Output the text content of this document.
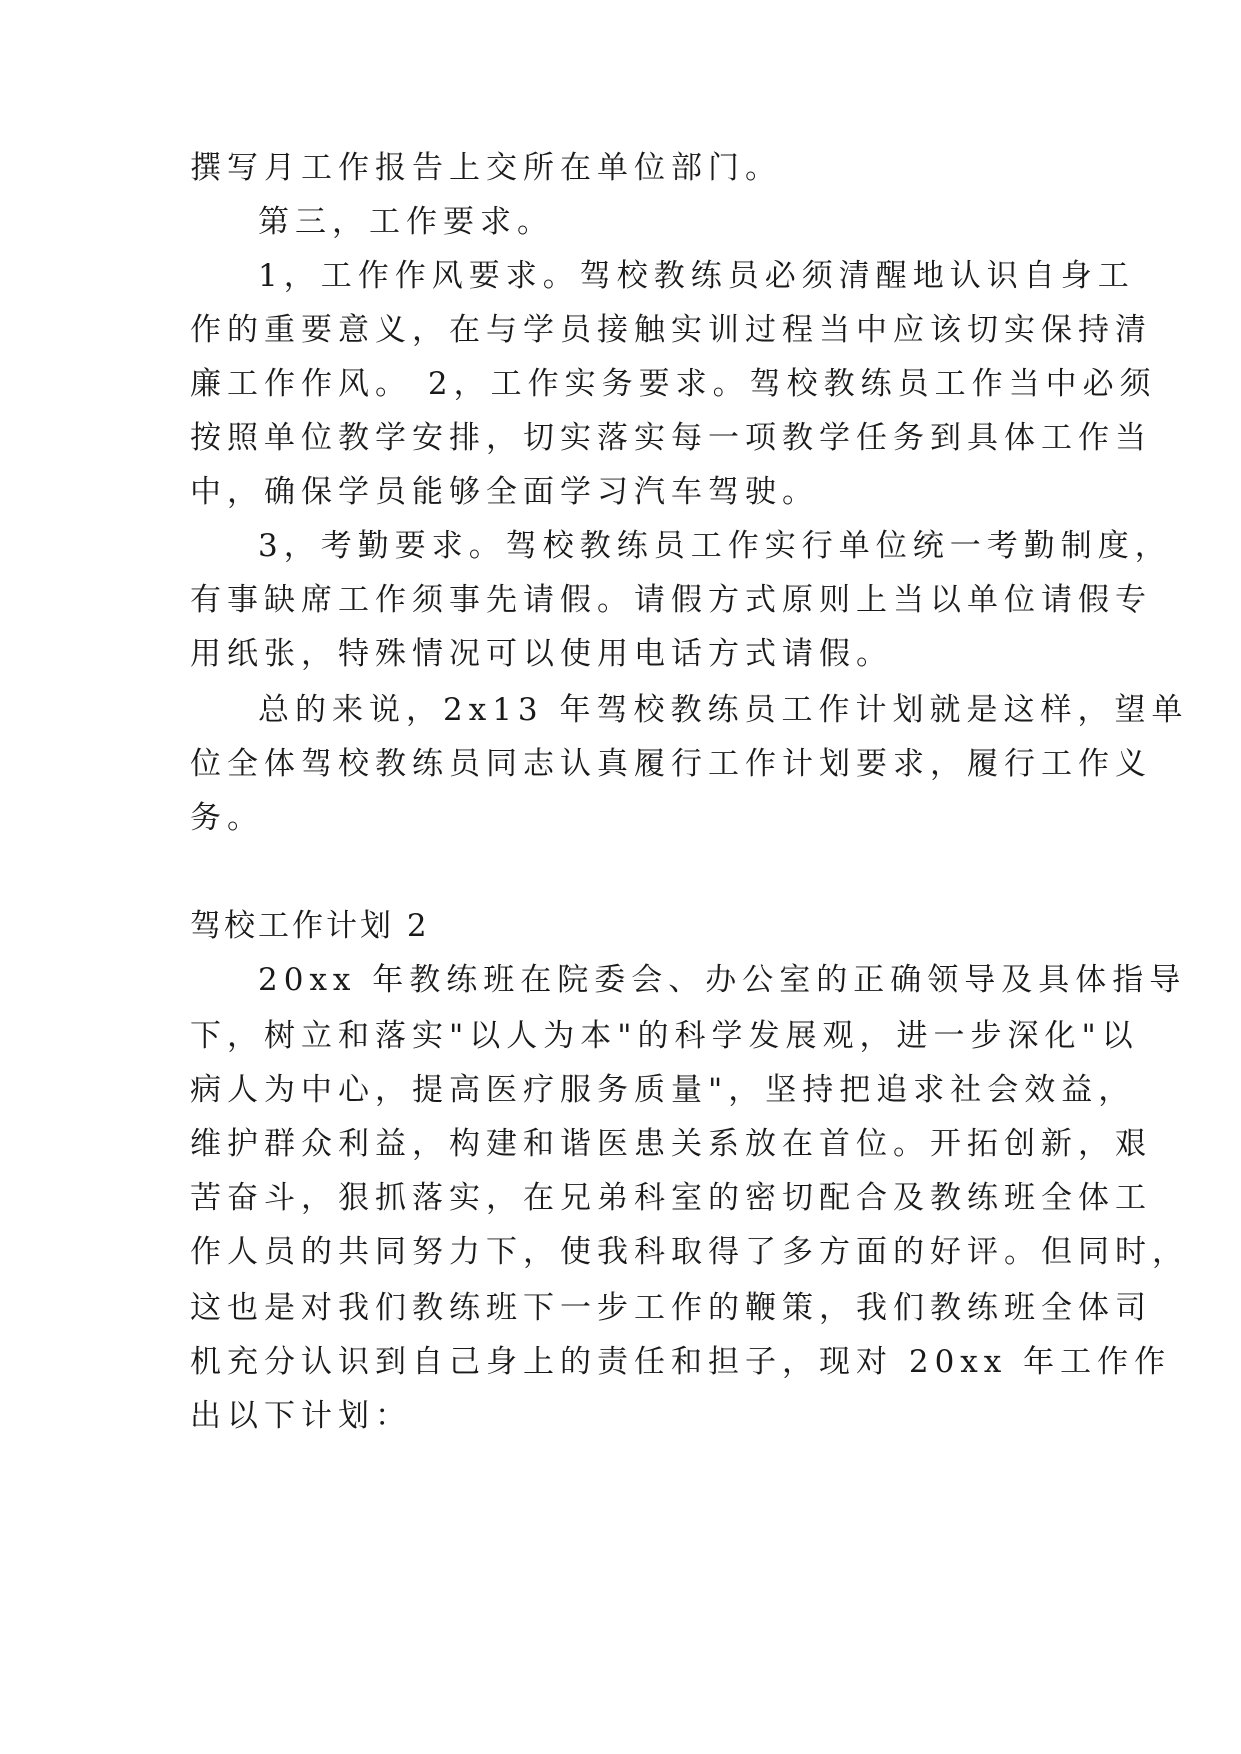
撰写月工作报告上交所在单位部门。
第三，工作要求。
1，工作作风要求。驾校教练员必须清醒地认识自身工
作的重要意义，在与学员接触实训过程当中应该切实保持清
廉工作作风。 2，工作实务要求。驾校教练员工作当中必须
按照单位教学安排，切实落实每一项教学任务到具体工作当
中，确保学员能够全面学习汽车驾驶。
3，考勤要求。驾校教练员工作实行单位统一考勤制度，
有事缺席工作须事先请假。请假方式原则上当以单位请假专
用纸张，特殊情况可以使用电话方式请假。
总的来说，2x13 年驾校教练员工作计划就是这样，望单
位全体驾校教练员同志认真履行工作计划要求，履行工作义
务。
驾校工作计划 2
20xx 年教练班在院委会、办公室的正确领导及具体指导
下，树立和落实"以人为本"的科学发展观，进一步深化"以
病人为中心，提高医疗服务质量"，坚持把追求社会效益，
维护群众利益，构建和谐医患关系放在首位。开拓创新，艰
苦奋斗，狠抓落实，在兄弟科室的密切配合及教练班全体工
作人员的共同努力下，使我科取得了多方面的好评。但同时，
这也是对我们教练班下一步工作的鞭策，我们教练班全体司
机充分认识到自己身上的责任和担子，现对 20xx 年工作作
出以下计划：
